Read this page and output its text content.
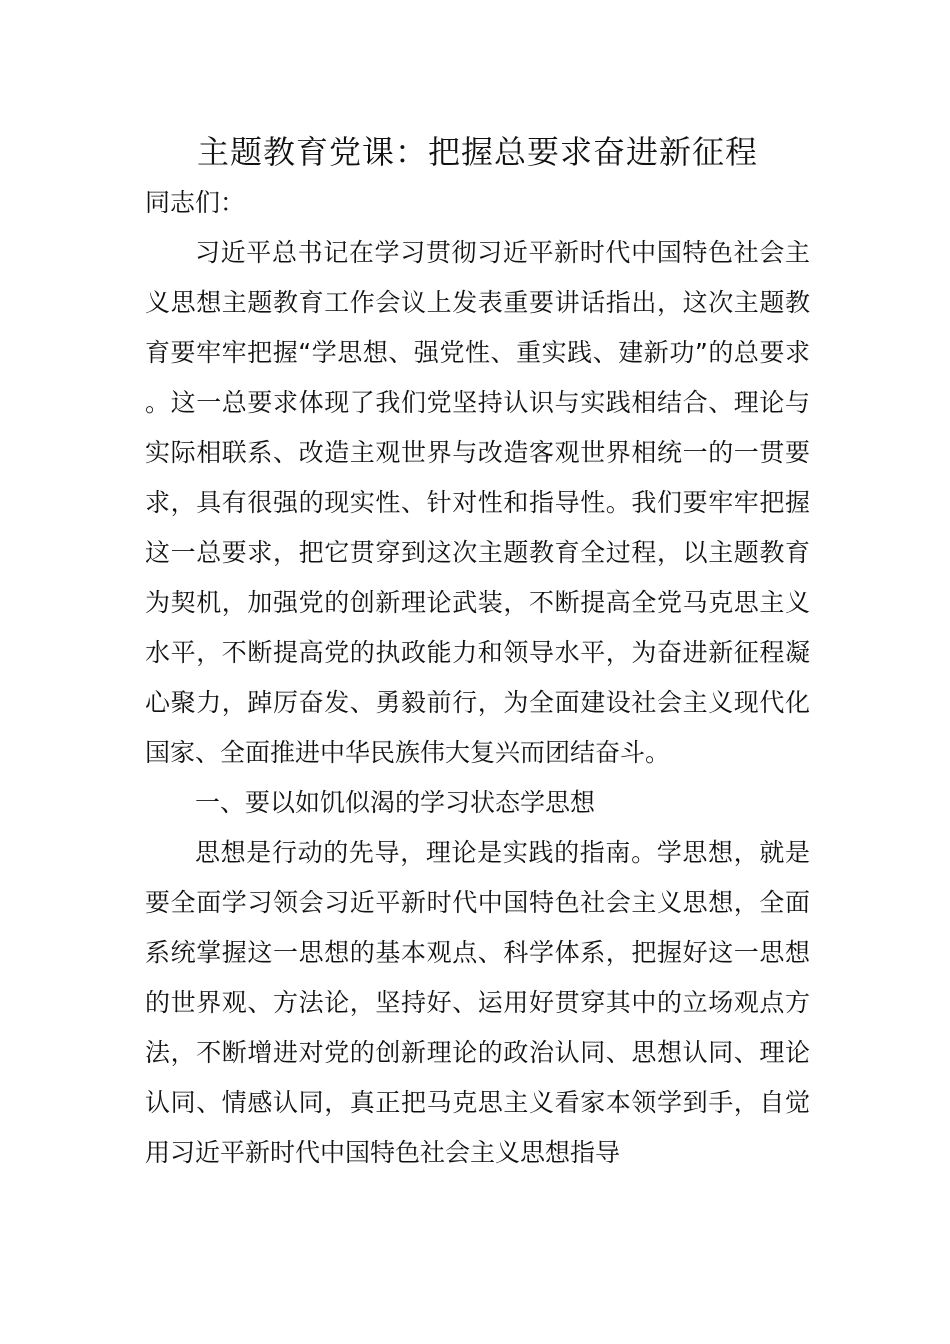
主题教育党课：把握总要求奋进新征程

同志们：

习近平总书记在学习贯彻习近平新时代中国特色社会主义思想主题教育工作会议上发表重要讲话指出，这次主题教育要牢牢把握“学思想、强党性、重实践、建新功”的总要求。这一总要求体现了我们党坚持认识与实践相结合、理论与实际相联系、改造主观世界与改造客观世界相统一的一贯要求，具有很强的现实性、针对性和指导性。我们要牢牢把握这一总要求，把它贯穿到这次主题教育全过程，以主题教育为契机，加强党的创新理论武装，不断提高全党马克思主义水平，不断提高党的执政能力和领导水平，为奋进新征程凝心聚力，踔厉奋发、勇毅前行，为全面建设社会主义现代化国家、全面推进中华民族伟大复兴而团结奋斗。

一、要以如饥似渴的学习状态学思想

思想是行动的先导，理论是实践的指南。学思想，就是要全面学习领会习近平新时代中国特色社会主义思想，全面系统掌握这一思想的基本观点、科学体系，把握好这一思想的世界观、方法论，坚持好、运用好贯穿其中的立场观点方法，不断增进对党的创新理论的政治认同、思想认同、理论认同、情感认同，真正把马克思主义看家本领学到手，自觉用习近平新时代中国特色社会主义思想指导
